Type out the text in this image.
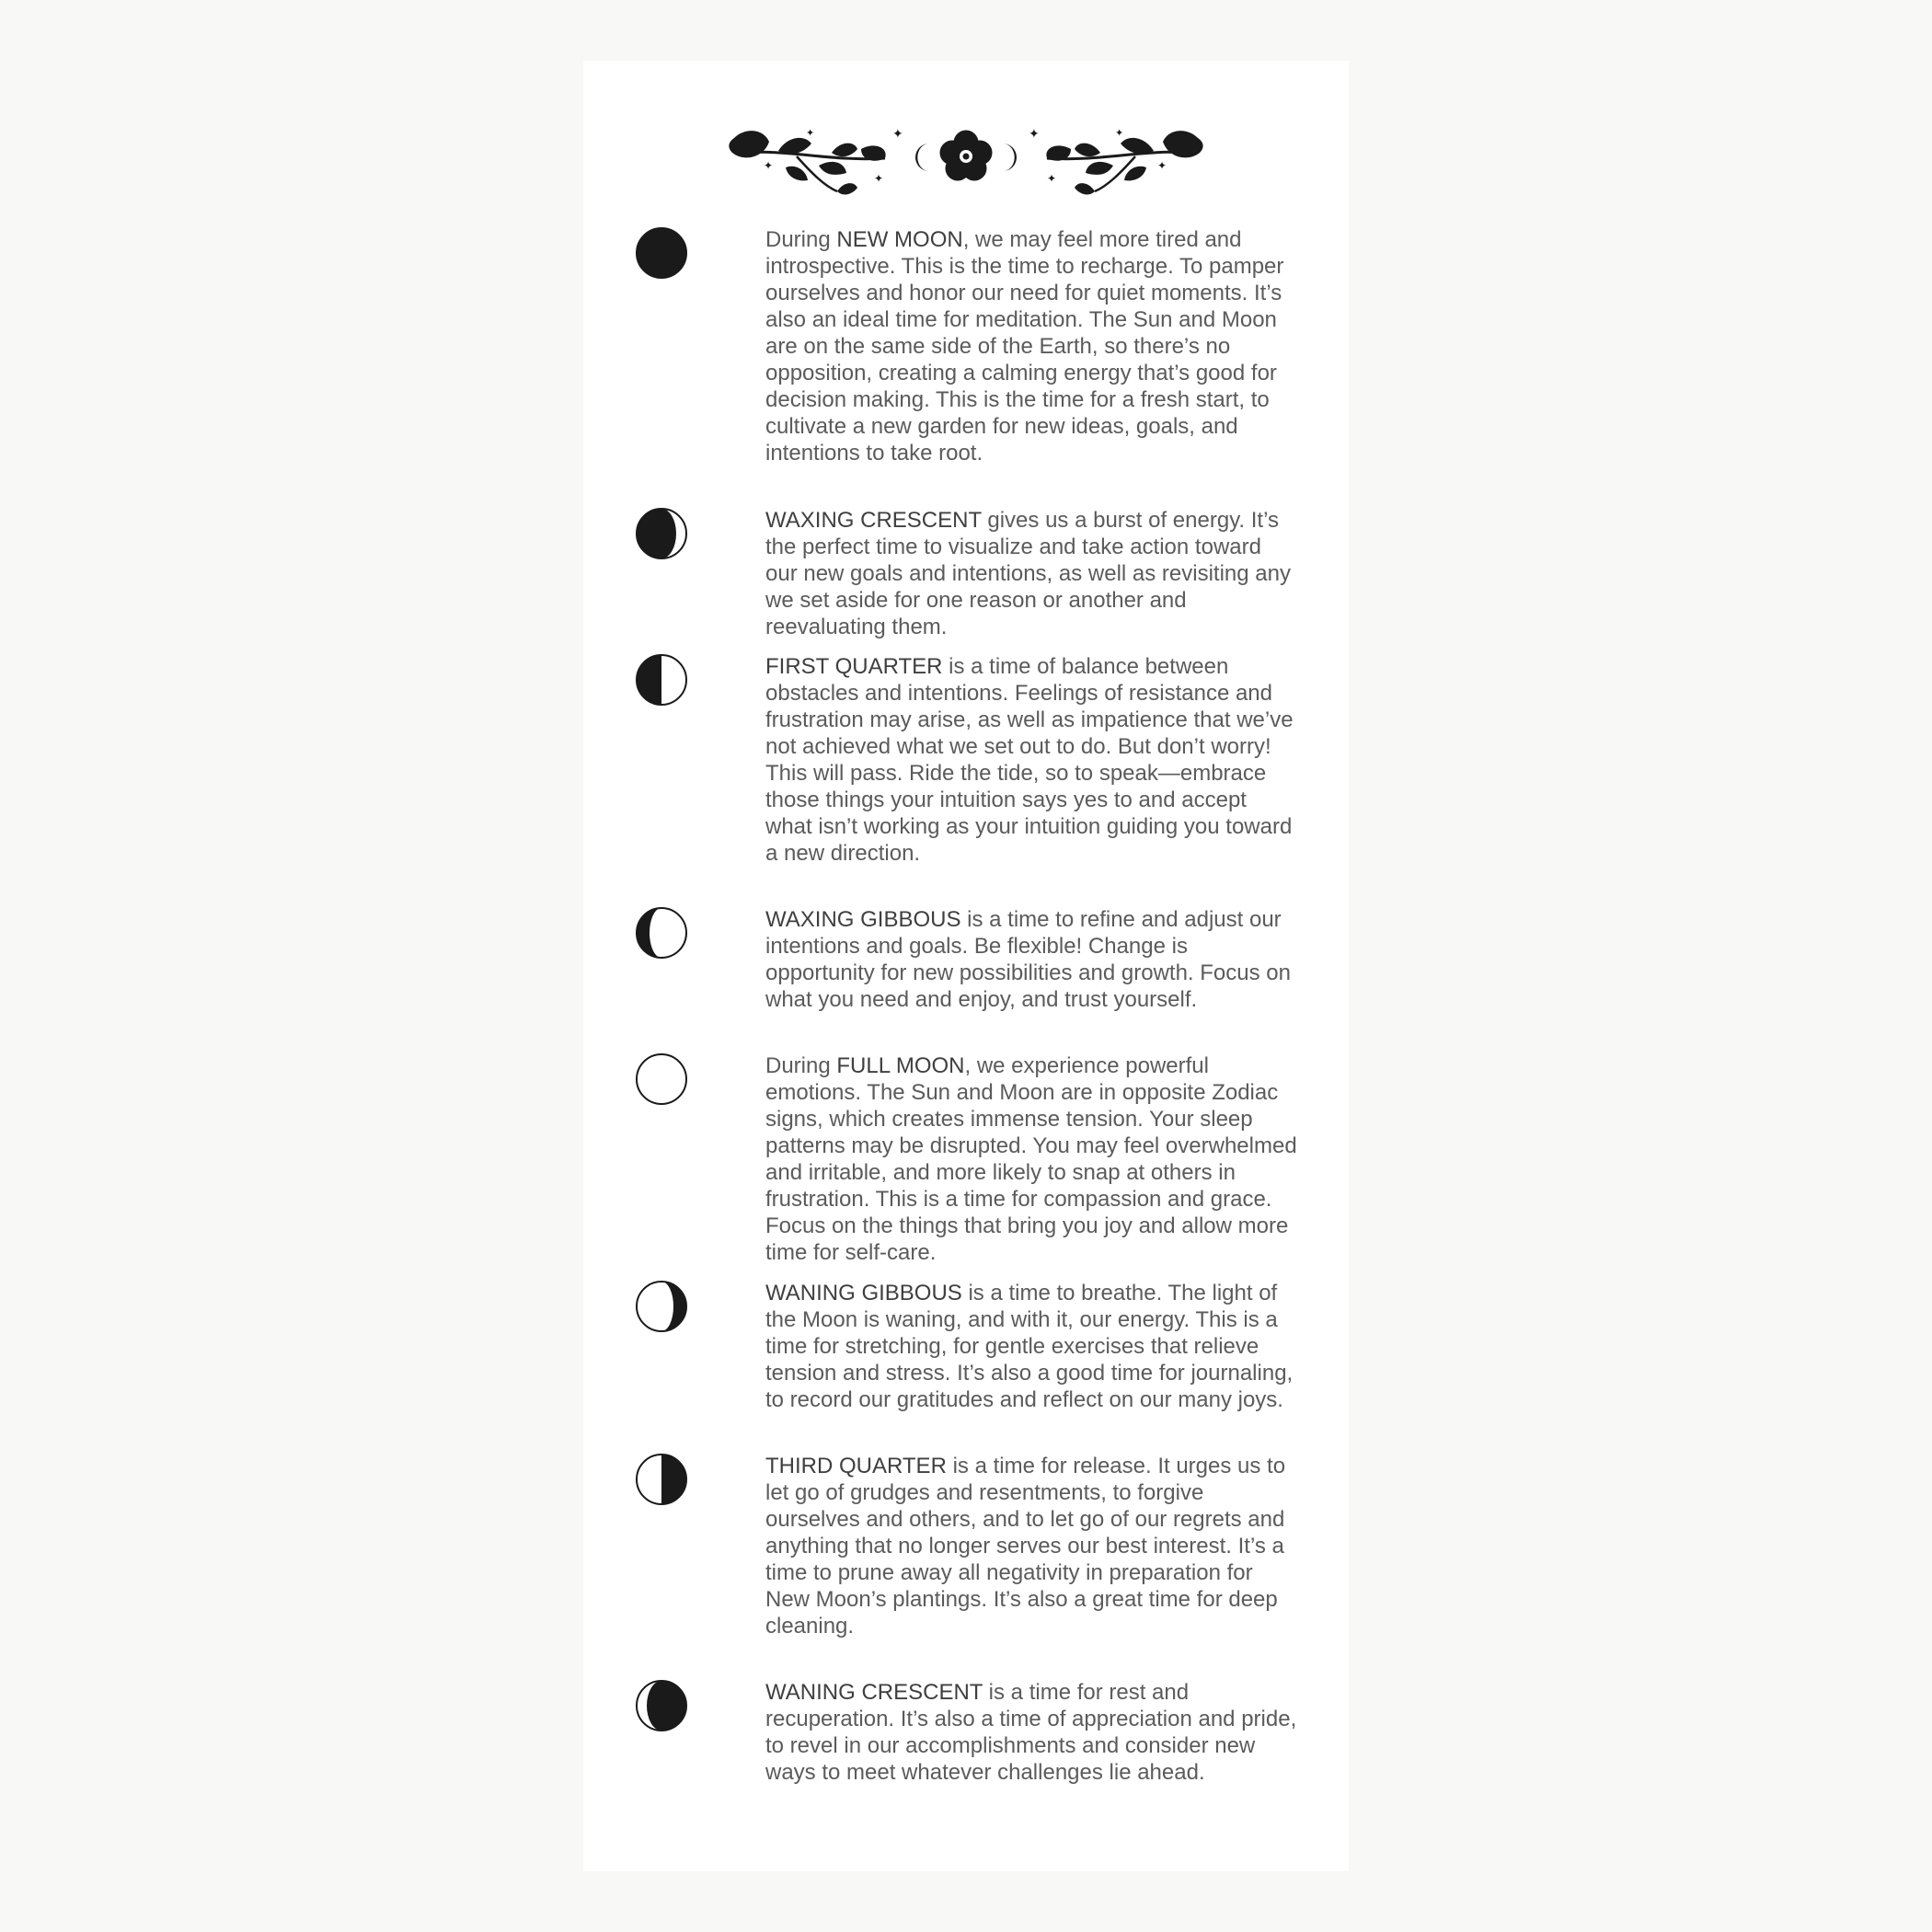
✦
✦
✦
✦	✦
✦
✦
✦

During NEW MOON, we may feel more tired and introspective. This is the time to recharge. To pamper ourselves and honor our need for quiet moments. It’s also an ideal time for meditation. The Sun and Moon are on the same side of the Earth, so there’s no opposition, creating a calming energy that’s good for decision making. This is the time for a fresh start, to cultivate a new garden for new ideas, goals, and intentions to take root.

WAXING CRESCENT gives us a burst of energy. It’s the perfect time to visualize and take action toward our new goals and intentions, as well as revisiting any we set aside for one reason or another and reevaluating them.

FIRST QUARTER is a time of balance between obstacles and intentions. Feelings of resistance and frustration may arise, as well as impatience that we’ve not achieved what we set out to do. But don’t worry! This will pass. Ride the tide, so to speak—embrace those things your intuition says yes to and accept what isn’t working as your intuition guiding you toward a new direction.

WAXING GIBBOUS is a time to refine and adjust our intentions and goals. Be flexible! Change is opportunity for new possibilities and growth. Focus on what you need and enjoy, and trust yourself.

During FULL MOON, we experience powerful emotions. The Sun and Moon are in opposite Zodiac signs, which creates immense tension. Your sleep patterns may be disrupted. You may feel overwhelmed and irritable, and more likely to snap at others in frustration. This is a time for compassion and grace. Focus on the things that bring you joy and allow more time for self-care.

WANING GIBBOUS is a time to breathe. The light of the Moon is waning, and with it, our energy. This is a time for stretching, for gentle exercises that relieve tension and stress. It’s also a good time for journaling, to record our gratitudes and reflect on our many joys.

THIRD QUARTER is a time for release. It urges us to let go of grudges and resentments, to forgive ourselves and others, and to let go of our regrets and anything that no longer serves our best interest. It’s a time to prune away all negativity in preparation for New Moon’s plantings. It’s also a great time for deep cleaning.

WANING CRESCENT is a time for rest and recuperation. It’s also a time of appreciation and pride, to revel in our accomplishments and consider new ways to meet whatever challenges lie ahead.
